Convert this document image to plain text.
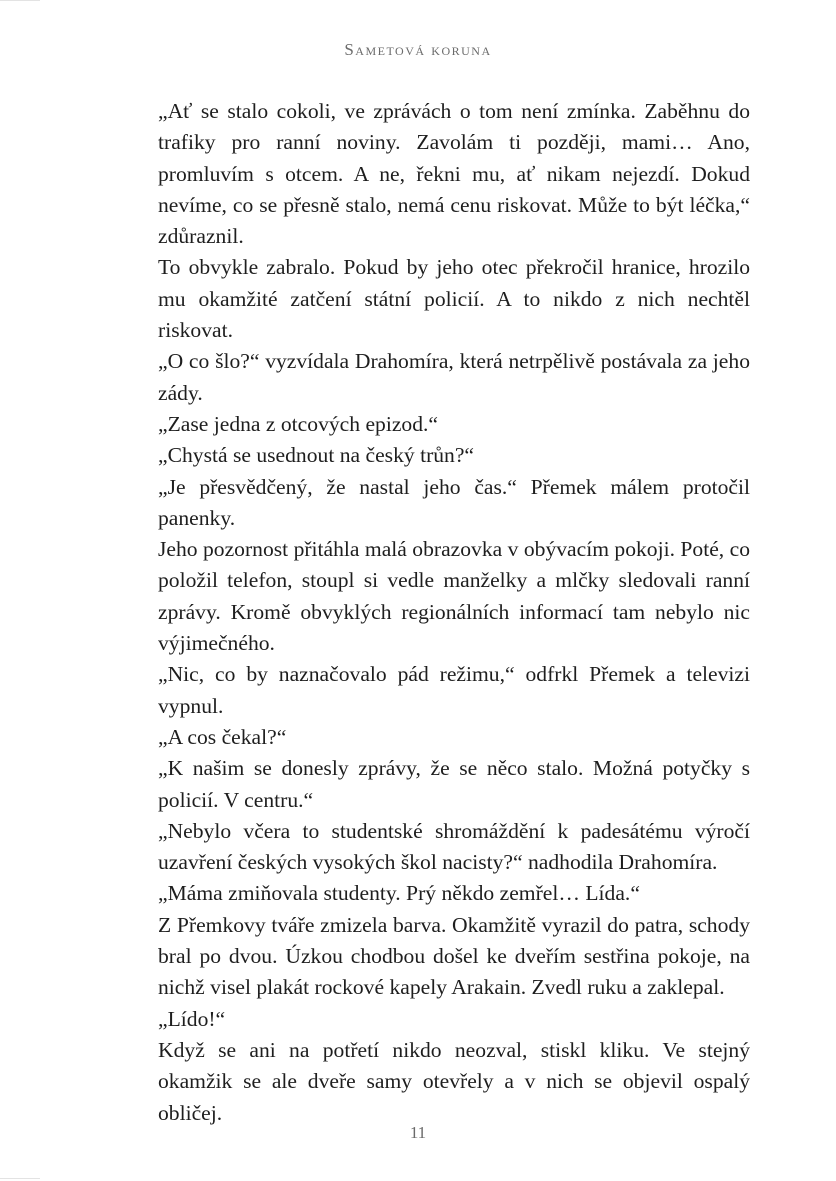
Sametová koruna

„Ať se stalo cokoli, ve zprávách o tom není zmínka. Zaběhnu do trafiky pro ranní noviny. Zavolám ti později, mami… Ano, promluvím s otcem. A ne, řekni mu, ať nikam nejezdí. Dokud nevíme, co se přesně stalo, nemá cenu riskovat. Může to být léčka,“ zdůraznil.

To obvykle zabralo. Pokud by jeho otec překročil hranice, hrozilo mu okamžité zatčení státní policií. A to nikdo z nich nechtěl riskovat.

„O co šlo?“ vyzvídala Drahomíra, která netrpělivě postávala za jeho zády.

„Zase jedna z otcových epizod.“

„Chystá se usednout na český trůn?“

„Je přesvědčený, že nastal jeho čas.“ Přemek málem protočil panenky.

Jeho pozornost přitáhla malá obrazovka v obývacím pokoji. Poté, co položil telefon, stoupl si vedle manželky a mlčky sledovali ranní zprávy. Kromě obvyklých regionálních informací tam nebylo nic výjimečného.

„Nic, co by naznačovalo pád režimu,“ odfrkl Přemek a televizi vypnul.

„A cos čekal?“

„K našim se donesly zprávy, že se něco stalo. Možná potyčky s policií. V centru.“

„Nebylo včera to studentské shromáždění k padesátému výročí uzavření českých vysokých škol nacisty?“ nadhodila Drahomíra.

„Máma zmiňovala studenty. Prý někdo zemřel… Lída.“

Z Přemkovy tváře zmizela barva. Okamžitě vyrazil do patra, schody bral po dvou. Úzkou chodbou došel ke dveřím sestřina pokoje, na nichž visel plakát rockové kapely Arakain. Zvedl ruku a zaklepal.

„Lído!“

Když se ani na potřetí nikdo neozval, stiskl kliku. Ve stejný okamžik se ale dveře samy otevřely a v nich se objevil ospalý obličej.

11
